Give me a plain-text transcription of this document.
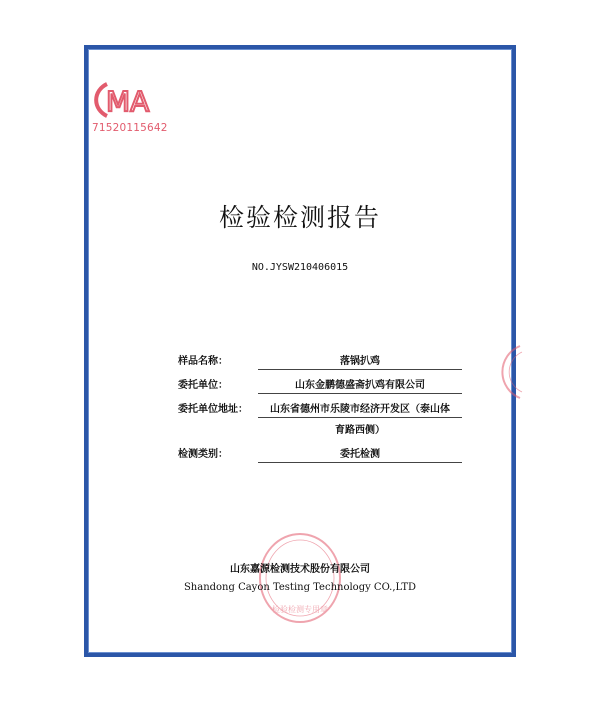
MA
71520115642
检验检测报告
NO.JYSW210406015
样品名称：	落锅扒鸡
委托单位：	山东金鹏德盛斋扒鸡有限公司
委托单位地址：	山东省德州市乐陵市经济开发区（泰山体
育路西侧）
检测类别：	委托检测
检验检测专用章
山东嘉源检测技术股份有限公司
Shandong Cayon Testing Technology CO.,LTD
